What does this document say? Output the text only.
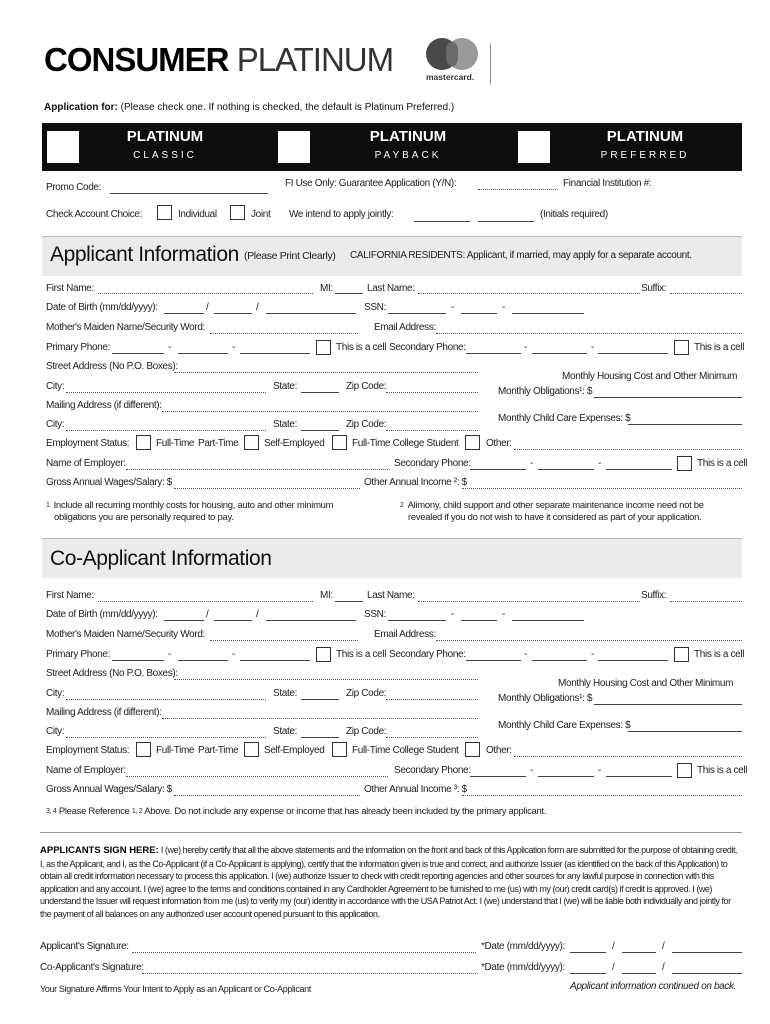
CONSUMER PLATINUM	mastercard.
Application for: (Please check one. If nothing is checked, the default is Platinum Preferred.)
PLATINUM
CLASSIC
PLATINUM
PAYBACK
PLATINUM
PREFERRED
Promo Code:	FI Use Only: Guarantee Application (Y/N):	Financial Institution #:
Check Account Choice:	Individual	Joint We intend to apply jointly:	(Initials required)
Applicant Information (Please Print Clearly) CALIFORNIA RESIDENTS: Applicant, if married, may apply for a separate account.
First Name:	MI:	Last Name:	Suffix:
Date of Birth (mm/dd/yyyy):	/	/	SSN:	-	-
Mother's Maiden Name/Security Word:	Email Address:
Primary Phone:	-	-	This is a cell Secondary Phone:	-	-	This is a cell
Street Address (No P.O. Boxes):
Monthly Housing Cost and Other Minimum
City:	State:	Zip Code:	Monthly Obligations¹: $
Mailing Address (if different):
City:	State:	Zip Code:
Monthly Child Care Expenses: $
Employment Status:	Full-Time Part-Time	Self-Employed	Full-Time College Student	Other:
Name of Employer:	Secondary Phone:	-	-	This is a cell
Gross Annual Wages/Salary: $	Other Annual Income ²: $
$^1$ Include all recurring monthly costs for housing, auto and other minimum
obligations you are personally required to pay.
$^2$ Alimony, child support and other separate maintenance income need not be
revealed if you do not wish to have it considered as part of your application.
Co-Applicant Information
First Name:	MI:	Last Name:	Suffix:
Date of Birth (mm/dd/yyyy):	/	/	SSN:	-	-
Mother's Maiden Name/Security Word:	Email Address:
Primary Phone:	-	-	This is a cell Secondary Phone:	-	-	This is a cell
Street Address (No P.O. Boxes):
Monthly Housing Cost and Other Minimum
City:	State:	Zip Code:	Monthly Obligations¹: $
Mailing Address (if different):
City:	State:	Zip Code:
Monthly Child Care Expenses: $
Employment Status:	Full-Time Part-Time	Self-Employed	Full-Time College Student	Other:
Name of Employer:	Secondary Phone:	-	-	This is a cell
Gross Annual Wages/Salary: $	Other Annual Income ³: $
$^{3, 4}$ Please Reference $^{1, 2}$ Above. Do not include any expense or income that has already been included by the primary applicant.
APPLICANTS SIGN HERE: I (we) hereby certify that all the above statements and the information on the front and back of this Application form are submitted for the purpose of obtaining credit. I, as the Applicant, and I, as the Co-Applicant (if a Co-Applicant is applying), certify that the information given is true and correct, and authorize Issuer (as identified on the back of this Application) to obtain all credit information necessary to process this application. I (we) authorize Issuer to check with credit reporting agencies and other sources for any lawful purpose in connection with this application and any account. I (we) agree to the terms and conditions contained in any Cardholder Agreement to be furnished to me (us) with my (our) credit card(s) if credit is approved. I (we) understand the Issuer will request information from me (us) to verify my (our) identity in accordance with the USA Patriot Act. I (we) understand that I (we) will be liable both individually and jointly for the payment of all balances on any authorized user account opened pursuant to this application.
Applicant's Signature:	*Date (mm/dd/yyyy):	/	/
Co-Applicant's Signature:	*Date (mm/dd/yyyy):	/	/
Your Signature Affirms Your Intent to Apply as an Applicant or Co-Applicant	Applicant information continued on back.
